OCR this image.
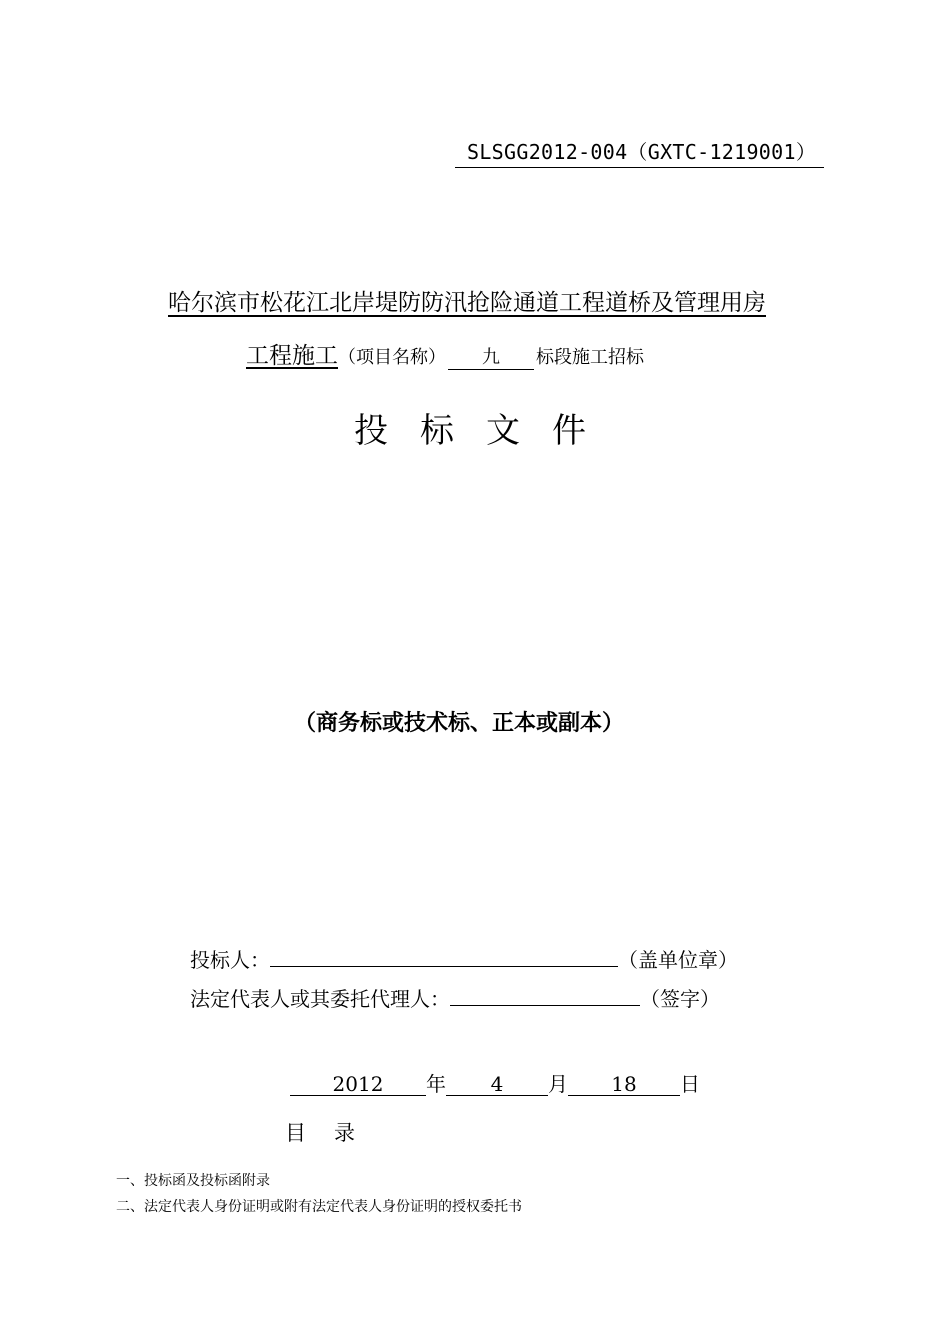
SLSGG2012-004（GXTC-1219001）
哈尔滨市松花江北岸堤防防汛抢险通道工程道桥及管理用房
工程施工（项目名称） 九 标段施工招标
投标文件
（商务标或技术标、正本或副本）
投标人：	（盖单位章）
法定代表人或其委托代理人：	（签字）
2012 年 4 月 18 日
目录
一、投标函及投标函附录
二、法定代表人身份证明或附有法定代表人身份证明的授权委托书
